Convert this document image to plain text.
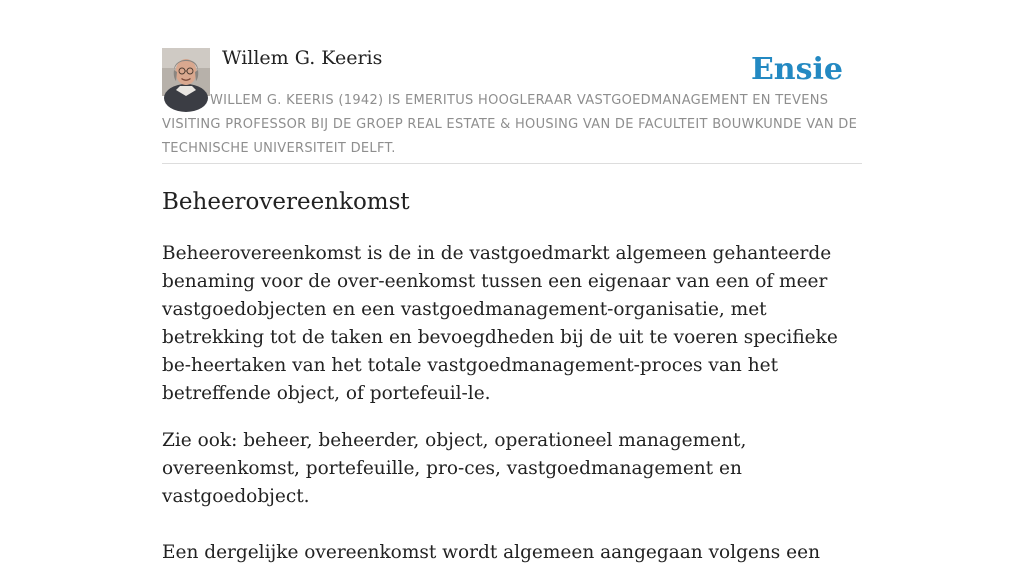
Willem G. Keeris	Ensie

WILLEM G. KEERIS (1942) IS EMERITUS HOOGLERAAR VASTGOEDMANAGEMENT EN TEVENS VISITING PROFESSOR BIJ DE GROEP REAL ESTATE & HOUSING VAN DE FACULTEIT BOUWKUNDE VAN DE TECHNISCHE UNIVERSITEIT DELFT.

Beheerovereenkomst

Beheerovereenkomst is de in de vastgoedmarkt algemeen gehanteerde benaming voor de over-eenkomst tussen een eigenaar van een of meer vastgoedobjecten en een vastgoedmanagement-organisatie, met betrekking tot de taken en bevoegdheden bij de uit te voeren specifieke be-heertaken van het totale vastgoedmanagement-proces van het betreffende object, of portefeuil-le.

Zie ook: beheer, beheerder, object, operationeel management, overeenkomst, portefeuille, pro-ces, vastgoedmanagement en vastgoedobject.

Een dergelijke overeenkomst wordt algemeen aangegaan volgens een
